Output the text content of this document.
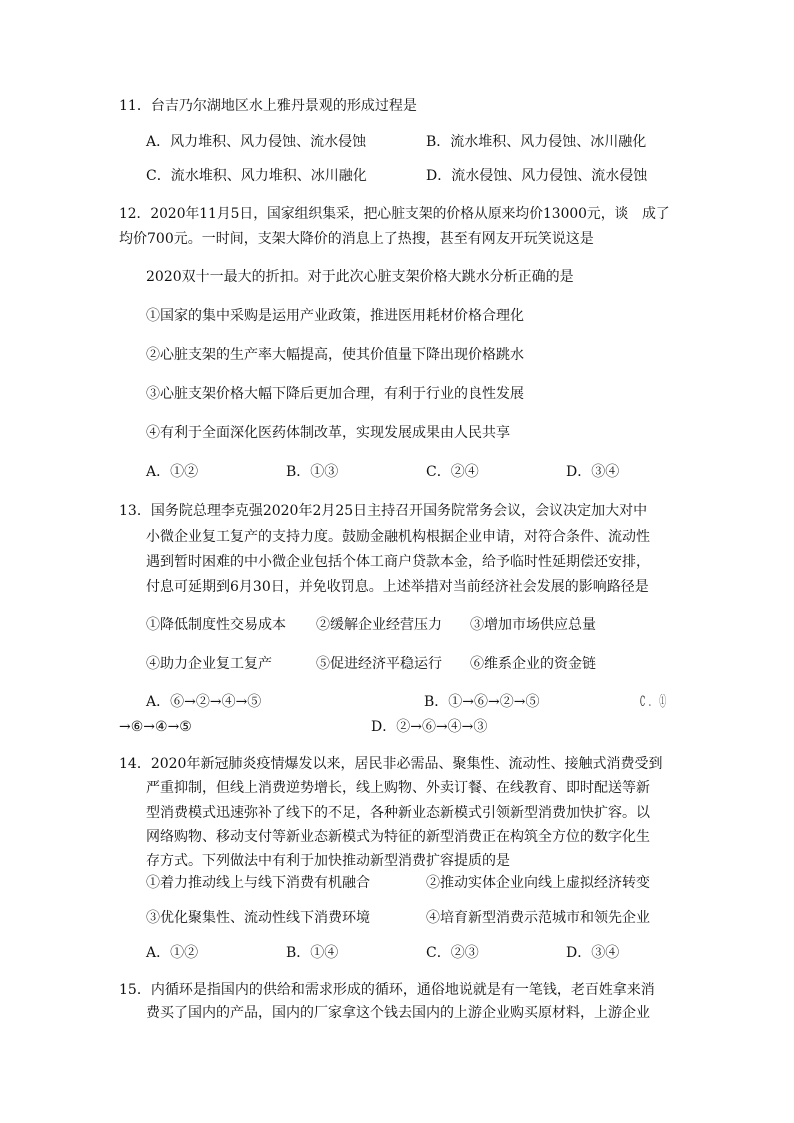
11．台吉乃尔湖地区水上雅丹景观的形成过程是
A．风力堆积、风力侵蚀、流水侵蚀	B．流水堆积、风力侵蚀、冰川融化
C．流水堆积、风力堆积、冰川融化	D．流水侵蚀、风力侵蚀、流水侵蚀
12．2020年11月5日，国家组织集采，把心脏支架的价格从原来均价13000元，谈　成了
均价700元。一时间，支架大降价的消息上了热搜，甚至有网友开玩笑说这是
2020双十一最大的折扣。对于此次心脏支架价格大跳水分析正确的是
①国家的集中采购是运用产业政策，推进医用耗材价格合理化
②心脏支架的生产率大幅提高，使其价值量下降出现价格跳水
③心脏支架价格大幅下降后更加合理，有利于行业的良性发展
④有利于全面深化医药体制改革，实现发展成果由人民共享
A．①②	B．①③	C．②④	D．③④
13．国务院总理李克强2020年2月25日主持召开国务院常务会议，会议决定加大对中
小微企业复工复产的支持力度。鼓励金融机构根据企业申请，对符合条件、流动性
遇到暂时困难的中小微企业包括个体工商户贷款本金，给予临时性延期偿还安排，
付息可延期到6月30日，并免收罚息。上述举措对当前经济社会发展的影响路径是
①降低制度性交易成本 ②缓解企业经营压力 ③增加市场供应总量
④助力企业复工复产	⑤促进经济平稳运行 ⑥维系企业的资金链
A．⑥→②→④→⑤	B．①→⑥→②→⑤	C．①
→⑥→④→⑤	D．②→⑥→④→③
14．2020年新冠肺炎疫情爆发以来，居民非必需品、聚集性、流动性、接触式消费受到
严重抑制，但线上消费逆势增长，线上购物、外卖订餐、在线教育、即时配送等新
型消费模式迅速弥补了线下的不足，各种新业态新模式引领新型消费加快扩容。以
网络购物、移动支付等新业态新模式为特征的新型消费正在构筑全方位的数字化生
存方式。下列做法中有利于加快推动新型消费扩容提质的是
①着力推动线上与线下消费有机融合	②推动实体企业向线上虚拟经济转变
③优化聚集性、流动性线下消费环境	④培育新型消费示范城市和领先企业
A．①②	B．①④	C．②③	D．③④
15．内循环是指国内的供给和需求形成的循环，通俗地说就是有一笔钱，老百姓拿来消
费买了国内的产品，国内的厂家拿这个钱去国内的上游企业购买原材料，上游企业
